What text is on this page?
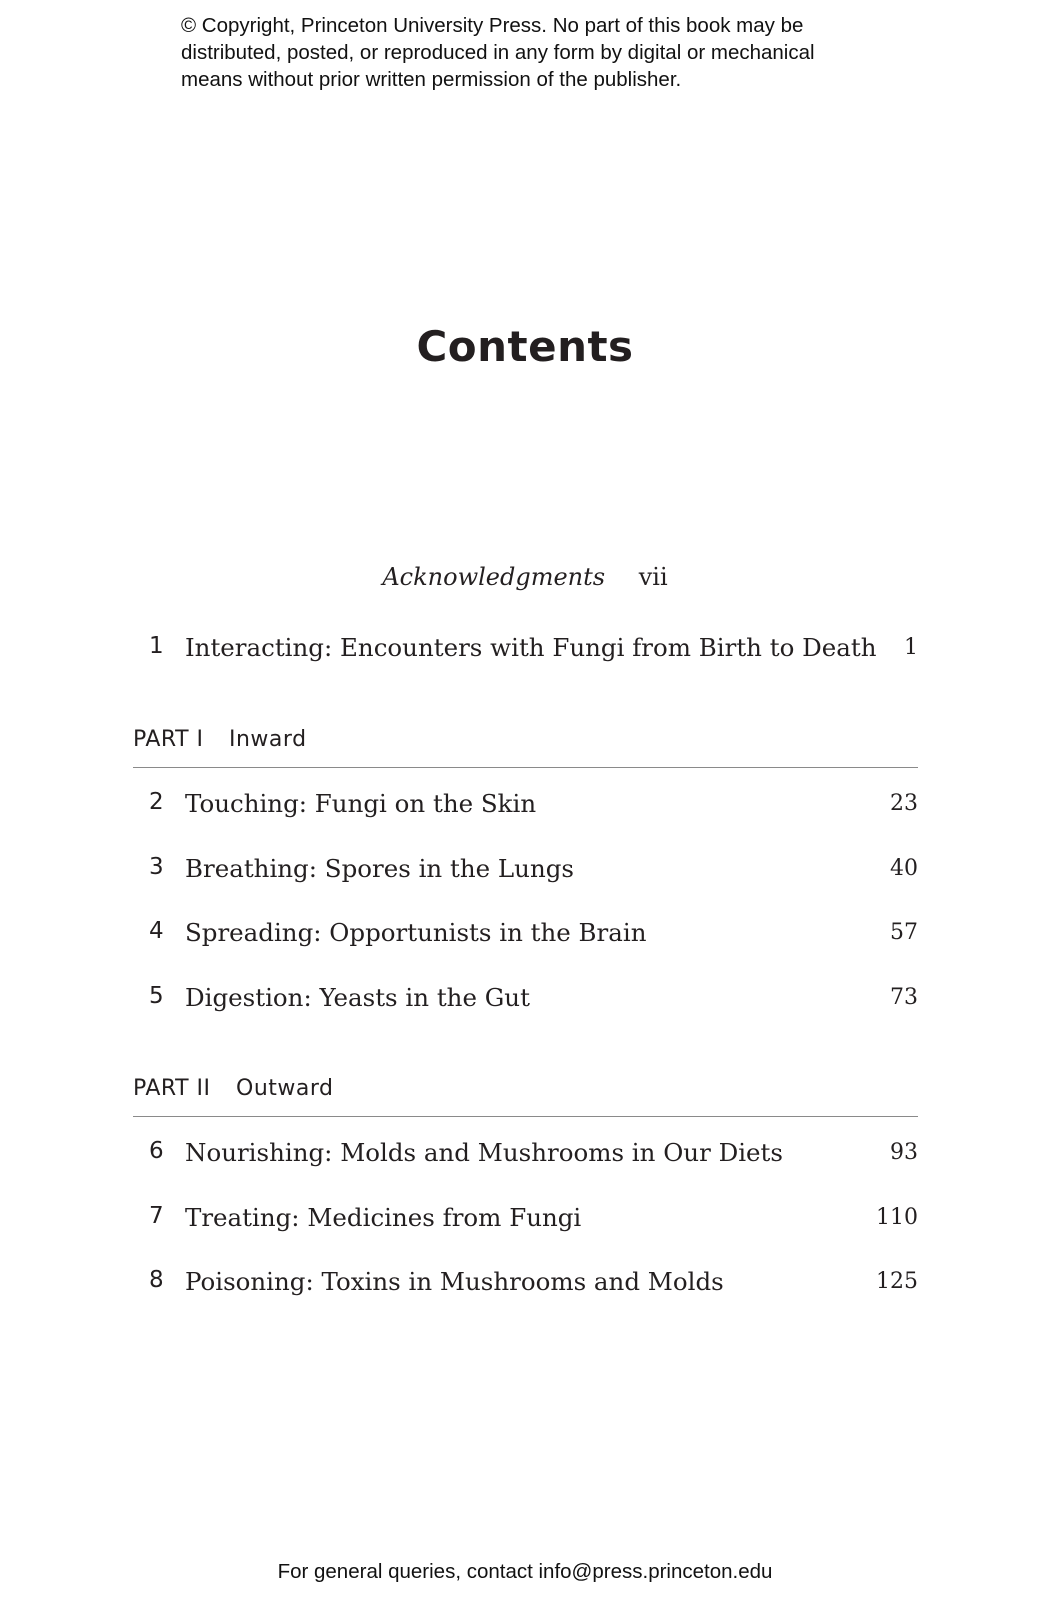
© Copyright, Princeton University Press. No part of this book may be
distributed, posted, or reproduced in any form by digital or mechanical
means without prior written permission of the publisher.
Contents
Acknowledgments vii
1 Interacting: Encounters with Fungi from Birth to Death 1
PART I Inward
2 Touching: Fungi on the Skin	23
3 Breathing: Spores in the Lungs	40
4 Spreading: Opportunists in the Brain	57
5 Digestion: Yeasts in the Gut	73
PART II Outward
6 Nourishing: Molds and Mushrooms in Our Diets	93
7 Treating: Medicines from Fungi	110
8 Poisoning: Toxins in Mushrooms and Molds	125
For general queries, contact info@press.princeton.edu
